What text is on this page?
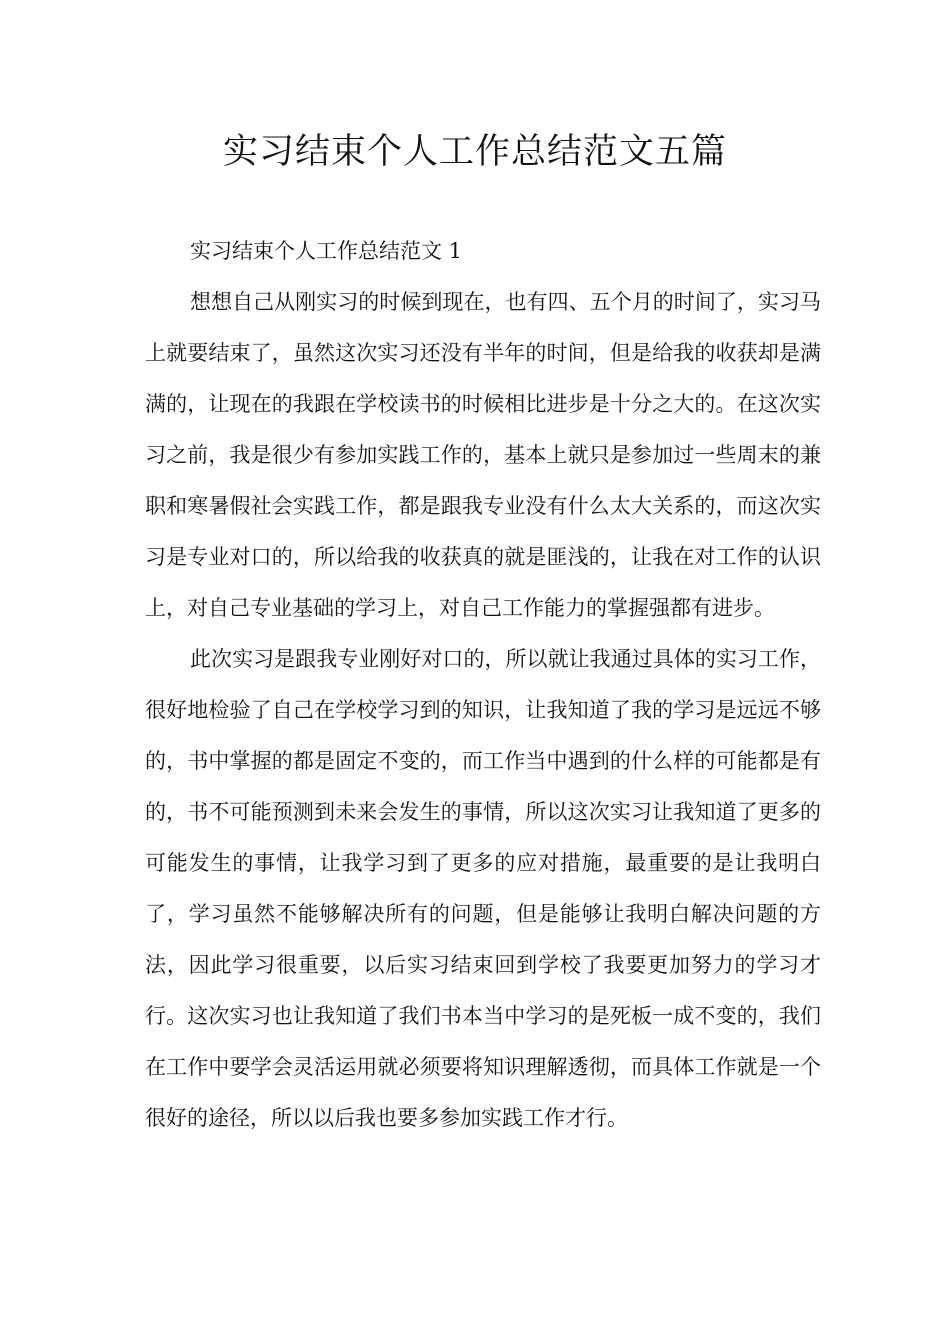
实习结束个人工作总结范文五篇

实习结束个人工作总结范文 1

想想自己从刚实习的时候到现在，也有四、五个月的时间了，实习马上就要结束了，虽然这次实习还没有半年的时间，但是给我的收获却是满满的，让现在的我跟在学校读书的时候相比进步是十分之大的。在这次实习之前，我是很少有参加实践工作的，基本上就只是参加过一些周末的兼职和寒暑假社会实践工作，都是跟我专业没有什么太大关系的，而这次实习是专业对口的，所以给我的收获真的就是匪浅的，让我在对工作的认识上，对自己专业基础的学习上，对自己工作能力的掌握强都有进步。

此次实习是跟我专业刚好对口的，所以就让我通过具体的实习工作，很好地检验了自己在学校学习到的知识，让我知道了我的学习是远远不够的，书中掌握的都是固定不变的，而工作当中遇到的什么样的可能都是有的，书不可能预测到未来会发生的事情，所以这次实习让我知道了更多的可能发生的事情，让我学习到了更多的应对措施，最重要的是让我明白了，学习虽然不能够解决所有的问题，但是能够让我明白解决问题的方法，因此学习很重要，以后实习结束回到学校了我要更加努力的学习才行。这次实习也让我知道了我们书本当中学习的是死板一成不变的，我们在工作中要学会灵活运用就必须要将知识理解透彻，而具体工作就是一个很好的途径，所以以后我也要多参加实践工作才行。
